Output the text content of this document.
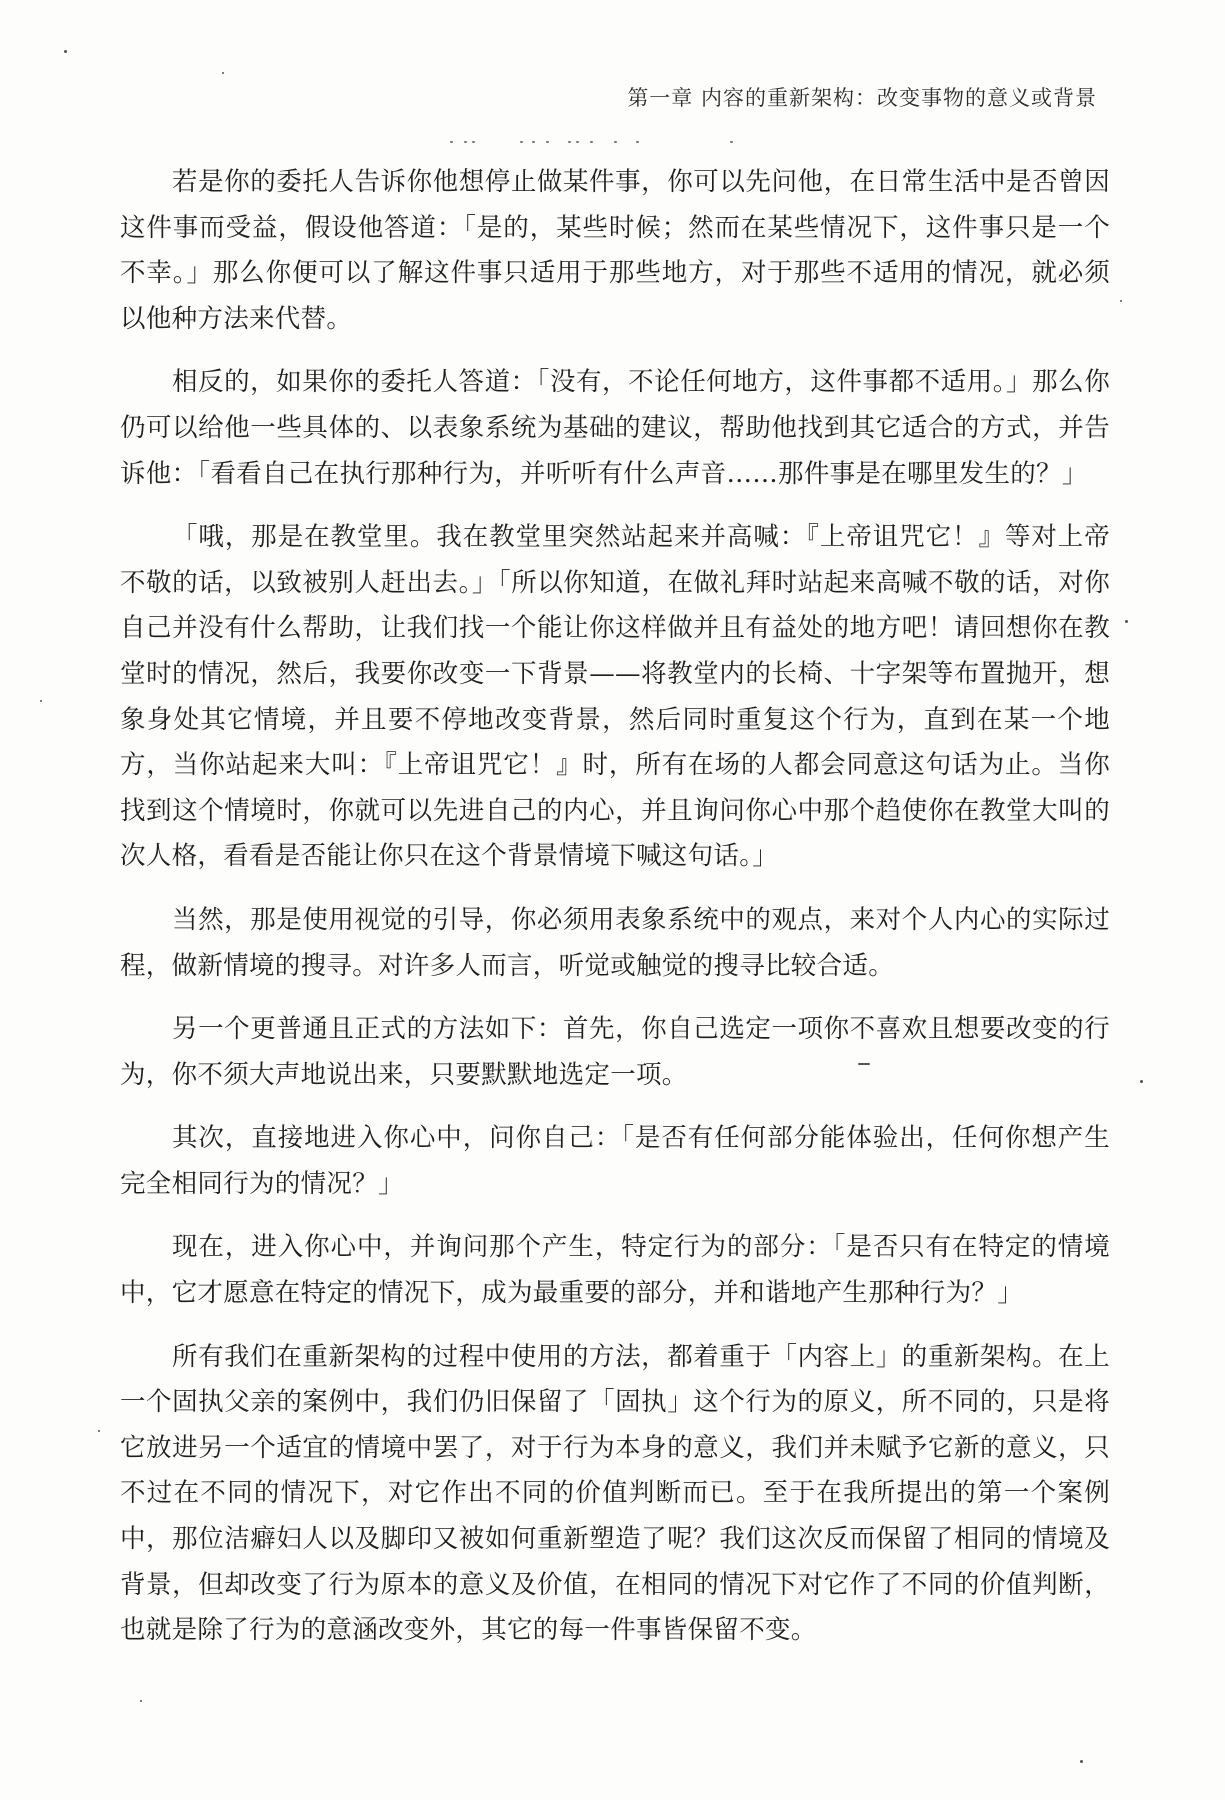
第一章 内容的重新架构：改变事物的意义或背景

若是你的委托人告诉你他想停止做某件事，你可以先问他，在日常生活中是否曾因这件事而受益，假设他答道：「是的，某些时候；然而在某些情况下，这件事只是一个不幸。」那么你便可以了解这件事只适用于那些地方，对于那些不适用的情况，就必须以他种方法来代替。

相反的，如果你的委托人答道：「没有，不论任何地方，这件事都不适用。」那么你仍可以给他一些具体的、以表象系统为基础的建议，帮助他找到其它适合的方式，并告诉他：「看看自己在执行那种行为，并听听有什么声音……那件事是在哪里发生的？」

「哦，那是在教堂里。我在教堂里突然站起来并高喊：『上帝诅咒它！』等对上帝不敬的话，以致被别人赶出去。」「所以你知道，在做礼拜时站起来高喊不敬的话，对你自己并没有什么帮助，让我们找一个能让你这样做并且有益处的地方吧！请回想你在教堂时的情况，然后，我要你改变一下背景——将教堂内的长椅、十字架等布置抛开，想象身处其它情境，并且要不停地改变背景，然后同时重复这个行为，直到在某一个地方，当你站起来大叫：『上帝诅咒它！』时，所有在场的人都会同意这句话为止。当你找到这个情境时，你就可以先进自己的内心，并且询问你心中那个趋使你在教堂大叫的次人格，看看是否能让你只在这个背景情境下喊这句话。」

当然，那是使用视觉的引导，你必须用表象系统中的观点，来对个人内心的实际过程，做新情境的搜寻。对许多人而言，听觉或触觉的搜寻比较合适。

另一个更普通且正式的方法如下：首先，你自己选定一项你不喜欢且想要改变的行为，你不须大声地说出来，只要默默地选定一项。

其次，直接地进入你心中，问你自己：「是否有任何部分能体验出，任何你想产生完全相同行为的情况？」

现在，进入你心中，并询问那个产生，特定行为的部分：「是否只有在特定的情境中，它才愿意在特定的情况下，成为最重要的部分，并和谐地产生那种行为？」

所有我们在重新架构的过程中使用的方法，都着重于「内容上」的重新架构。在上一个固执父亲的案例中，我们仍旧保留了「固执」这个行为的原义，所不同的，只是将它放进另一个适宜的情境中罢了，对于行为本身的意义，我们并未赋予它新的意义，只不过在不同的情况下，对它作出不同的价值判断而已。至于在我所提出的第一个案例中，那位洁癖妇人以及脚印又被如何重新塑造了呢？我们这次反而保留了相同的情境及背景，但却改变了行为原本的意义及价值，在相同的情况下对它作了不同的价值判断，也就是除了行为的意涵改变外，其它的每一件事皆保留不变。
